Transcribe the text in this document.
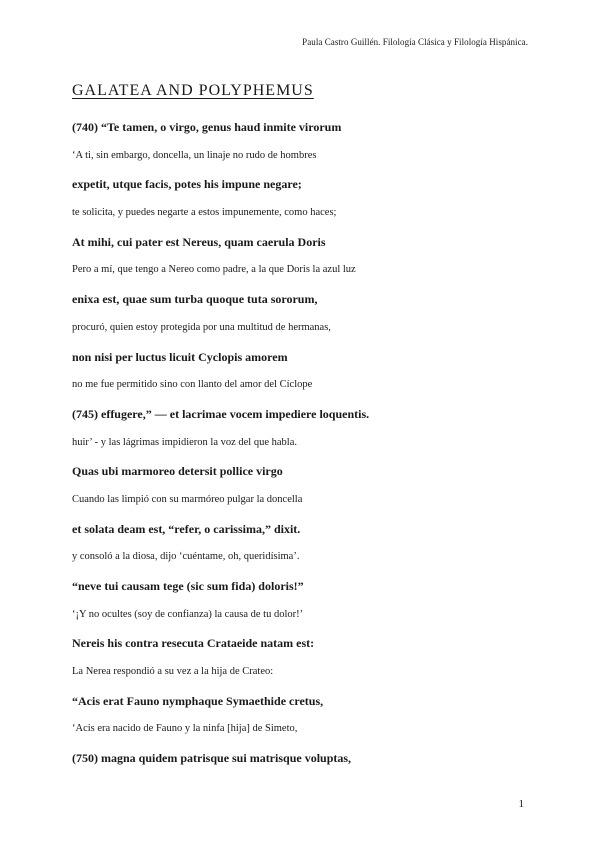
Paula Castro Guillén. Filología Clásica y Filología Hispánica.
GALATEA AND POLYPHEMUS
(740) “Te tamen, o virgo, genus haud inmite virorum
‘A ti, sin embargo, doncella, un linaje no rudo de hombres
expetit, utque facis, potes his impune negare;
te solicita, y puedes negarte a estos impunemente, como haces;
At mihi, cui pater est Nereus, quam caerula Doris
Pero a mí, que tengo a Nereo como padre, a la que Doris la azul luz
enixa est, quae sum turba quoque tuta sororum,
procuró, quien estoy protegida por una multitud de hermanas,
non nisi per luctus licuit Cyclopis amorem
no me fue permitido sino con llanto del amor del Cíclope
(745) effugere,” — et lacrimae vocem impediere loquentis.
huir’ - y las lágrimas impidieron la voz del que habla.
Quas ubi marmoreo detersit pollice virgo
Cuando las limpió con su marmóreo pulgar la doncella
et solata deam est, “refer, o carissima,” dixit.
y consoló a la diosa, dijo ‘cuéntame, oh, queridísima’.
“neve tui causam tege (sic sum fida) doloris!”
‘¡Y no ocultes (soy de confianza) la causa de tu dolor!’
Nereis his contra resecuta Crataeide natam est:
La Nerea respondió a su vez a la hija de Crateo:
“Acis erat Fauno nymphaque Symaethide cretus,
‘Acis era nacido de Fauno y la ninfa [hija] de Simeto,
(750) magna quidem patrisque sui matrisque voluptas,
1
